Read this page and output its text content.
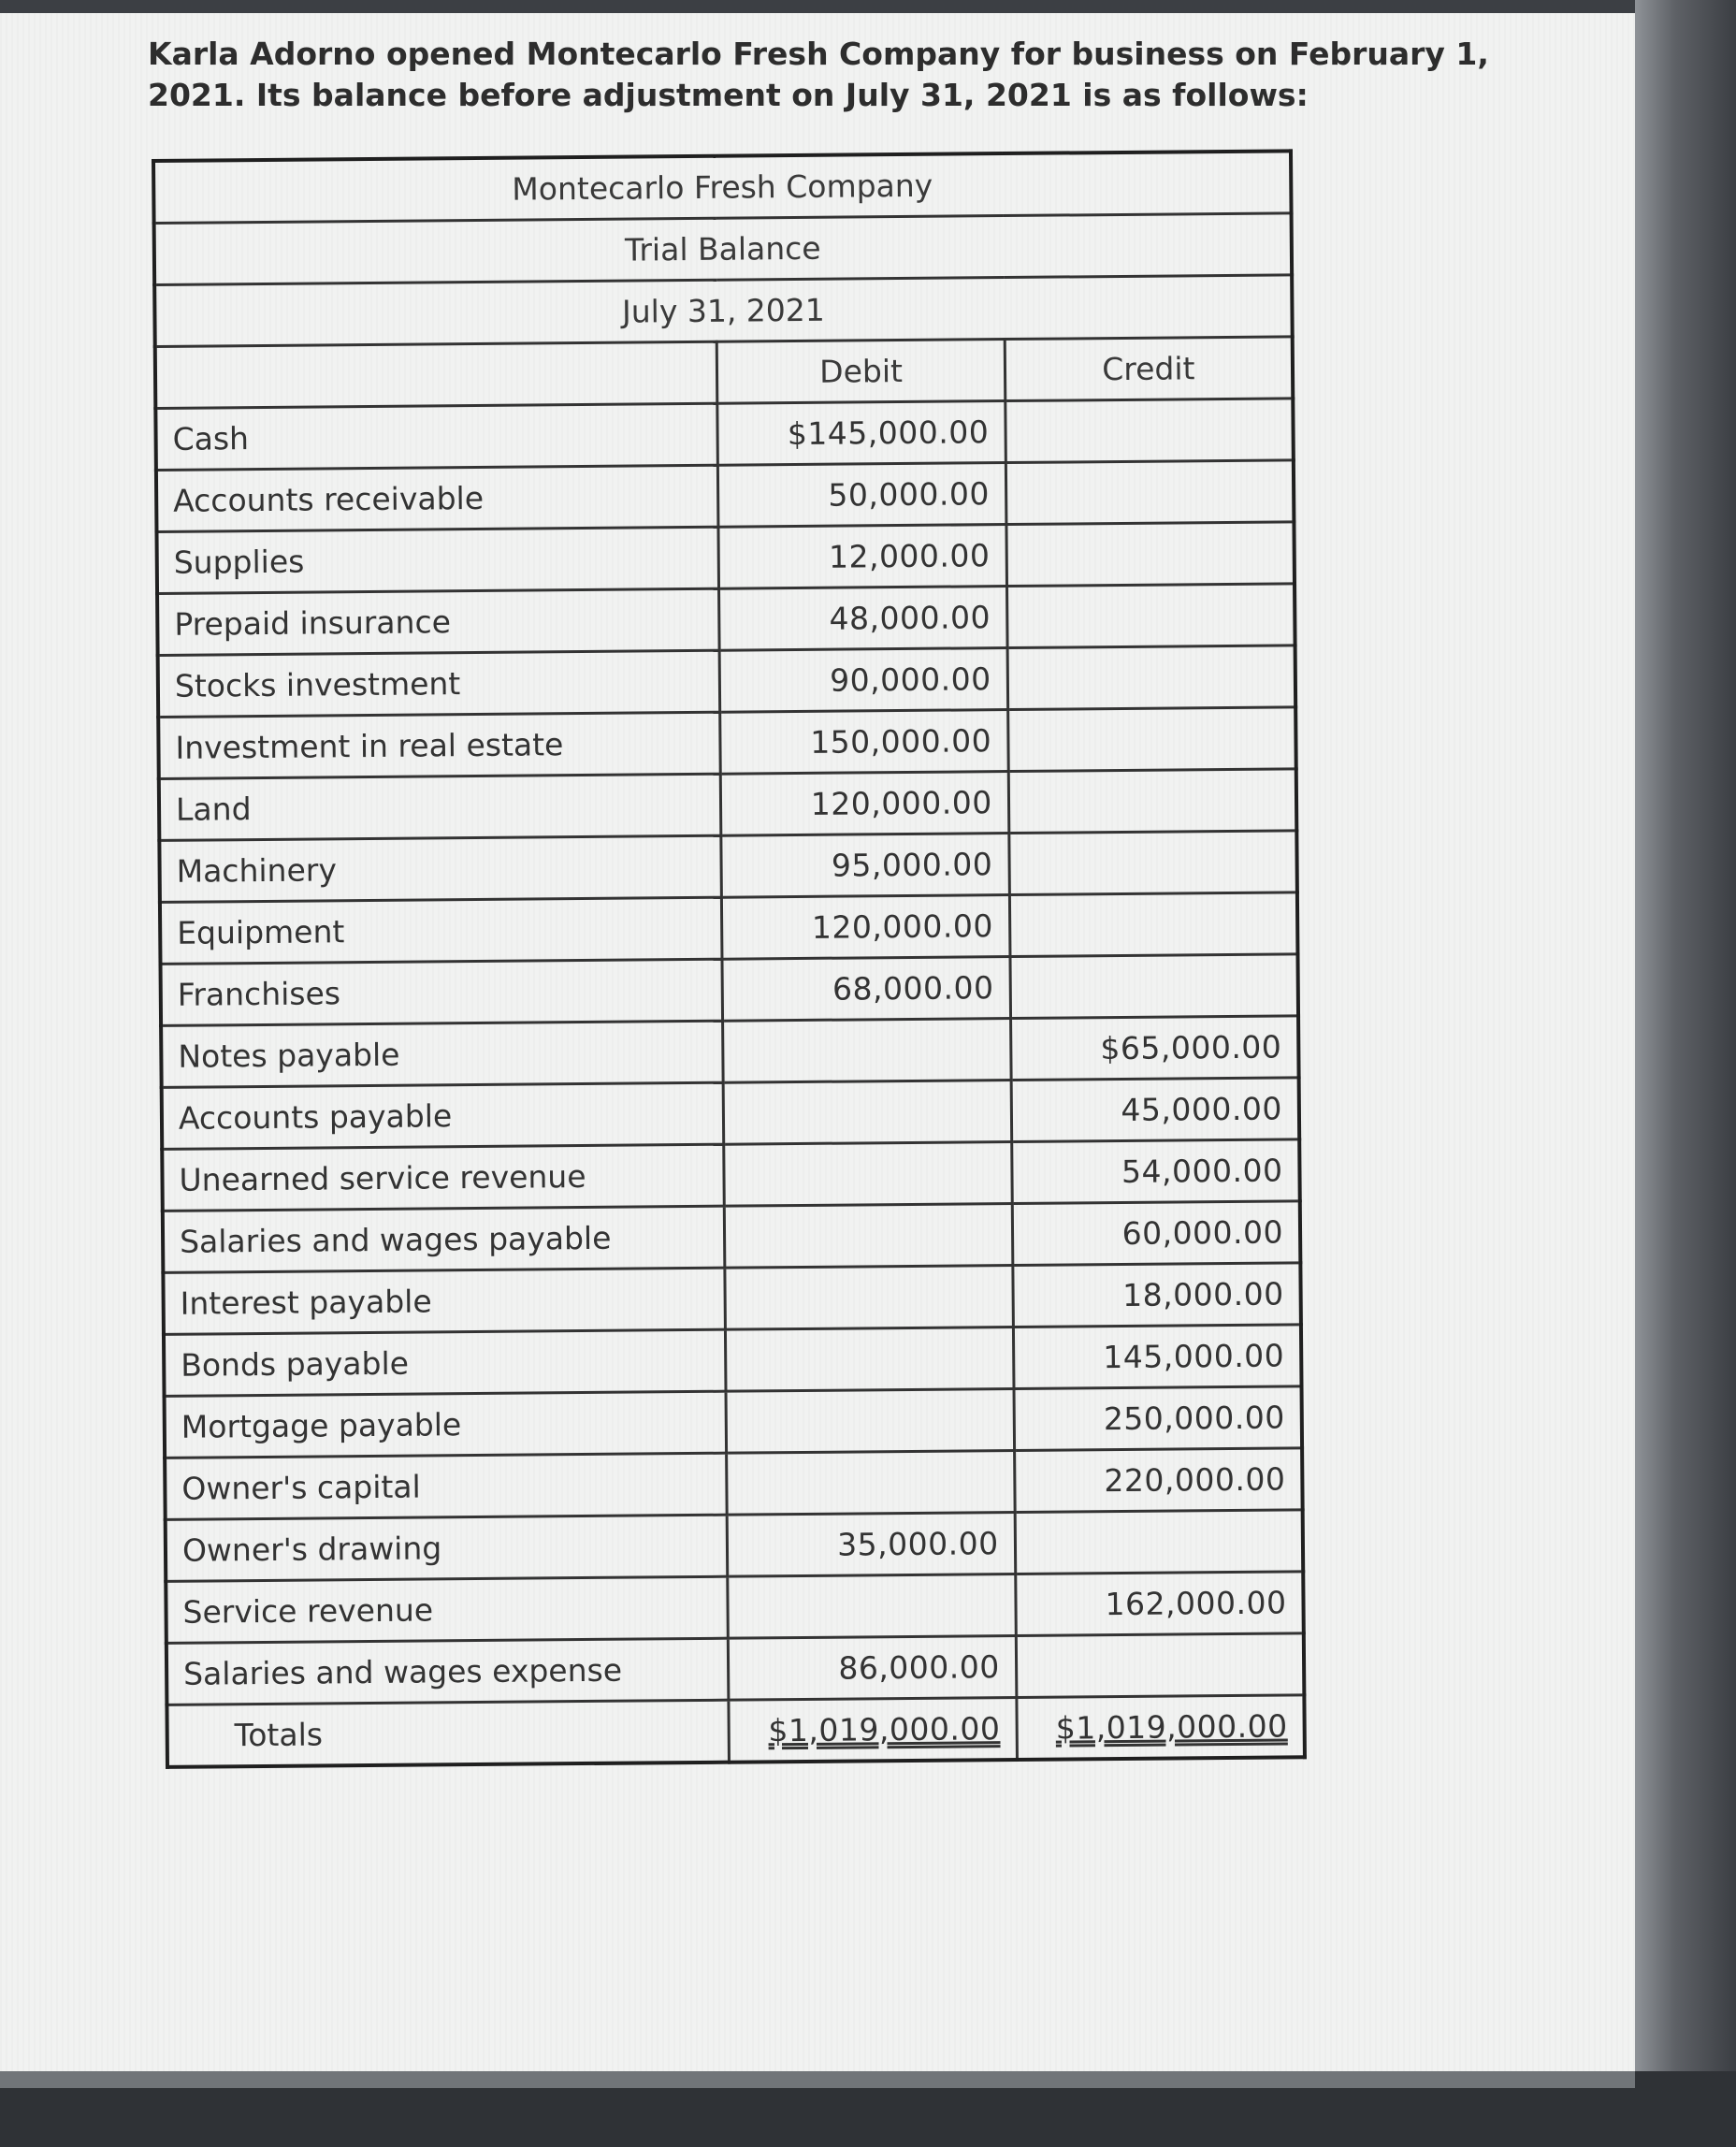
Karla Adorno opened Montecarlo Fresh Company for business on February 1, 2021. Its balance before adjustment on July 31, 2021 is as follows:

Montecarlo Fresh Company		
Trial Balance		
July 31, 2021		
	Debit	Credit
Cash	$145,000.00	
Accounts receivable	50,000.00	
Supplies	12,000.00	
Prepaid insurance	48,000.00	
Stocks investment	90,000.00	
Investment in real estate	150,000.00	
Land	120,000.00	
Machinery	95,000.00	
Equipment	120,000.00	
Franchises	68,000.00	
Notes payable		$65,000.00
Accounts payable		45,000.00
Unearned service revenue		54,000.00
Salaries and wages payable		60,000.00
Interest payable		18,000.00
Bonds payable		145,000.00
Mortgage payable		250,000.00
Owner's capital		220,000.00
Owner's drawing	35,000.00	
Service revenue		162,000.00
Salaries and wages expense	86,000.00	
Totals	$1,019,000.00	$1,019,000.00
